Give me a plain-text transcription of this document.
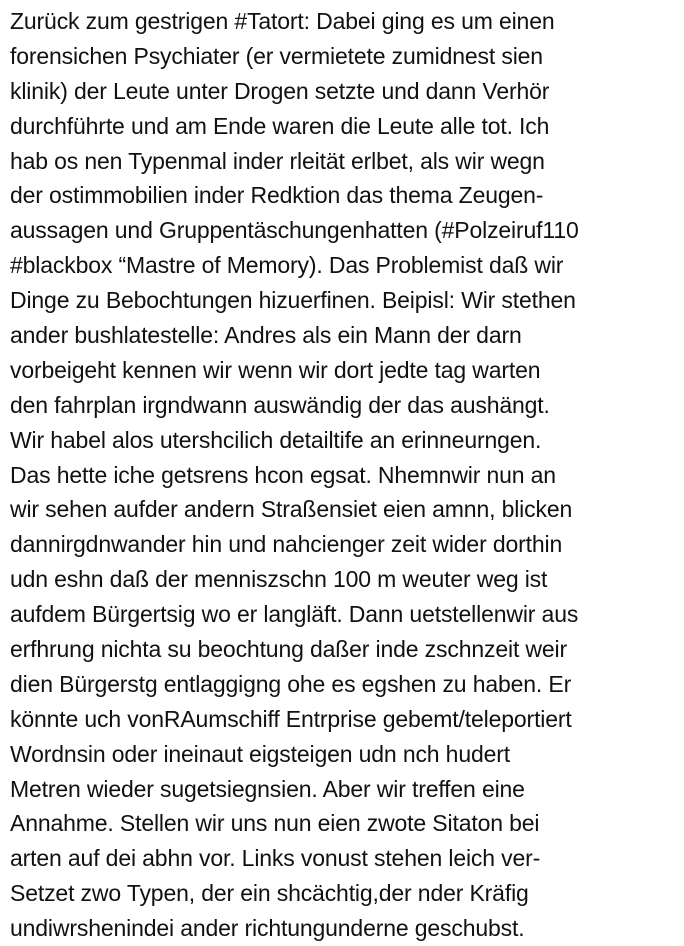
Zurück zum gestrigen #Tatort: Dabei ging es um einen
forensichen Psychiater (er vermietete zumidnest sien
klinik) der Leute unter Drogen setzte und dann Verhör
durchführte und am Ende waren die Leute alle tot. Ich
hab os nen Typenmal inder rleität erlbet, als wir wegn
der ostimmobilien inder Redktion das thema Zeugen-
aussagen und Gruppentäschungenhatten (#Polzeiruf110
#blackbox “Mastre of Memory). Das Problemist daß wir
Dinge zu Bebochtungen hizuerfinen. Beipisl: Wir stethen
ander bushlatestelle: Andres als ein Mann der darn
vorbeigeht kennen wir wenn wir dort jedte tag warten
den fahrplan irgndwann auswändig der das aushängt.
Wir habel alos utershcilich detailtife an erinneurngen.
Das hette iche getsrens hcon egsat. Nhemnwir nun an
wir sehen aufder andern Straßensiet eien amnn, blicken
dannirgdnwander hin und nahcienger zeit wider dorthin
udn eshn daß der menniszschn 100 m weuter weg ist
aufdem Bürgertsig wo er langläft. Dann uetstellenwir aus
erfhrung nichta su beochtung daßer inde zschnzeit weir
dien Bürgerstg entlaggigng ohe es egshen zu haben. Er
könnte uch vonRAumschiff Entrprise gebemt/teleportiert
Wordnsin oder ineinaut eigsteigen udn nch hudert
Metren wieder sugetsiegnsien. Aber wir treffen eine
Annahme. Stellen wir uns nun eien zwote Sitaton bei
arten auf dei abhn vor. Links vonust stehen leich ver-
Setzet zwo Typen, der ein shcächtig,der nder Kräfig
undiwrshenindei ander richtungunderne geschubst.
